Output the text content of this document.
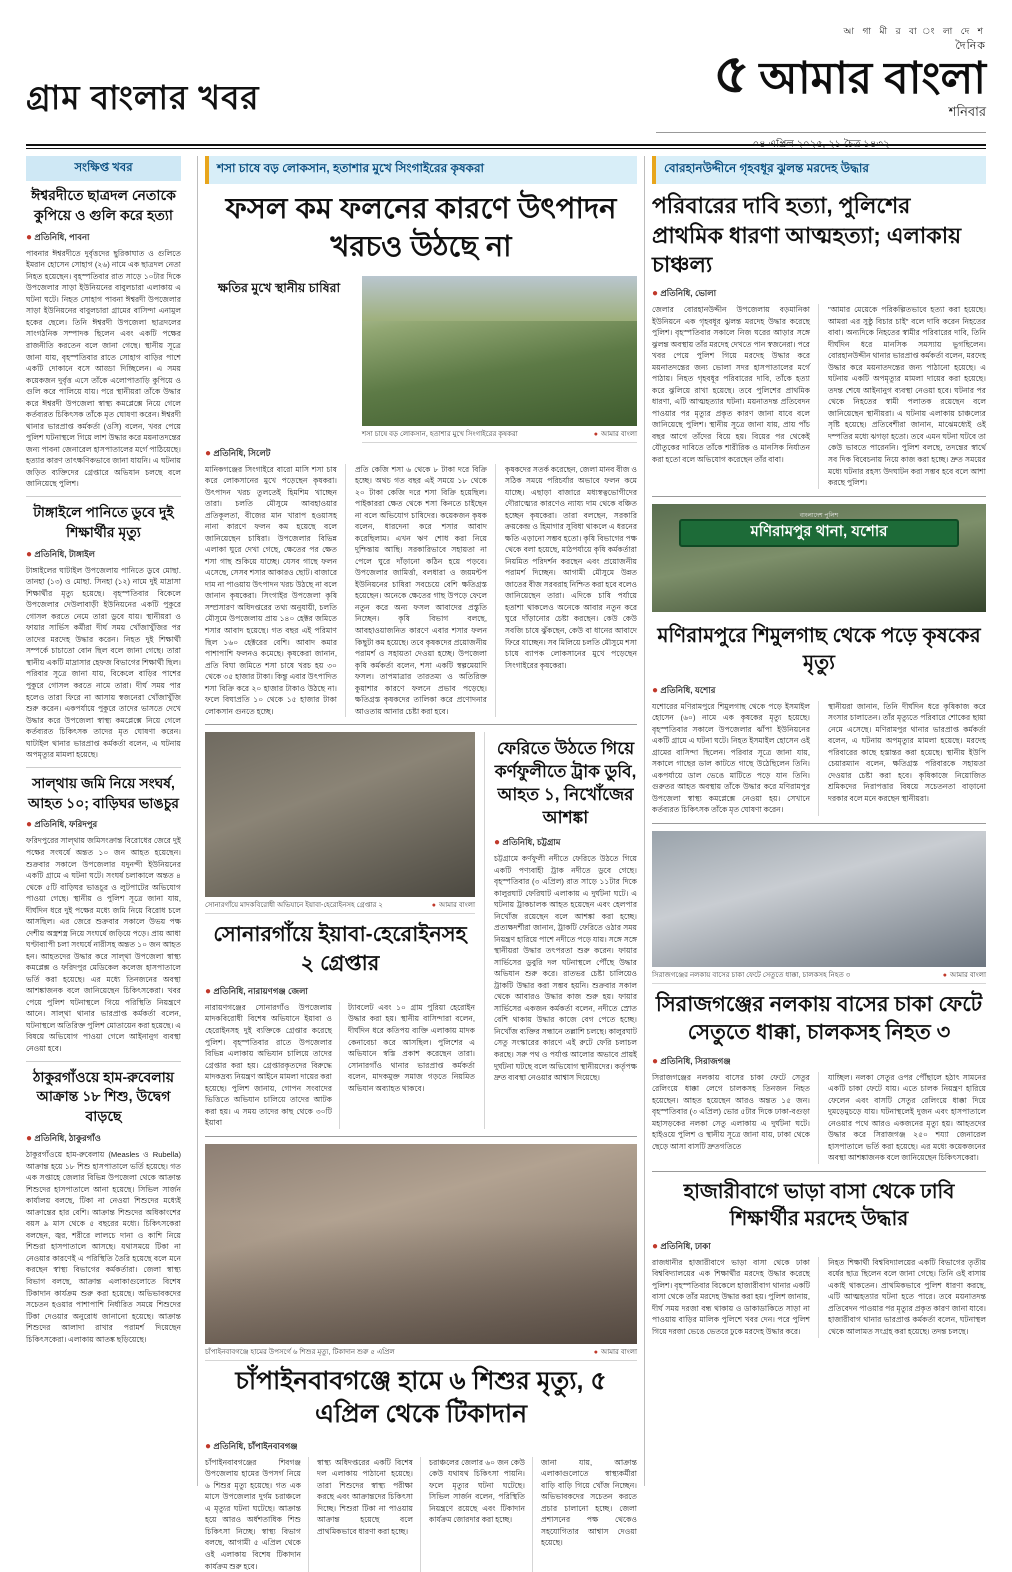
গ্রাম বাংলার খবর	৫
আ গা মী র বা ং লা দে শ
দৈনিক
আমার বাংলা
শনিবার
০৪ এপ্রিল ২০২৫, ২১ চৈত্র ১৪৩২
সংক্ষিপ্ত খবর
ঈশ্বরদীতে ছাত্রদল নেতাকে কুপিয়ে ও গুলি করে হত্যা
● প্রতিনিধি, পাবনা
পাবনার ঈশ্বরদীতে দুর্বৃত্তদের ছুরিকাঘাত ও গুলিতে ইমরান হোসেন সোহাগ (২৬) নামে এক ছাত্রদল নেতা নিহত হয়েছেন। বৃহস্পতিবার রাত সাড়ে ১০টার দিকে উপজেলার সাড়া ইউনিয়নের বাবুলচারা এলাকায় এ ঘটনা ঘটে। নিহত সোহাগ পাবনা ঈশ্বরদী উপজেলার সাড়া ইউনিয়নের বাবুলচারা গ্রামের বাসিন্দা এনামুল হকের ছেলে। তিনি ঈশ্বরদী উপজেলা ছাত্রদলের সাংগঠনিক সম্পাদক ছিলেন এবং একটি পক্ষের রাজনীতি করতেন বলে জানা গেছে। স্থানীয় সূত্রে জানা যায়, বৃহস্পতিবার রাতে সোহাগ বাড়ির পাশে একটি দোকানে বসে আড্ডা দিচ্ছিলেন। এ সময় কয়েকজন দুর্বৃত্ত এসে তাঁকে এলোপাতাড়ি কুপিয়ে ও গুলি করে পালিয়ে যায়। পরে স্থানীয়রা তাঁকে উদ্ধার করে ঈশ্বরদী উপজেলা স্বাস্থ্য কমপ্লেক্সে নিয়ে গেলে কর্তব্যরত চিকিৎসক তাঁকে মৃত ঘোষণা করেন। ঈশ্বরদী থানার ভারপ্রাপ্ত কর্মকর্তা (ওসি) বলেন, খবর পেয়ে পুলিশ ঘটনাস্থলে গিয়ে লাশ উদ্ধার করে ময়নাতদন্তের জন্য পাবনা জেনারেল হাসপাতালের মর্গে পাঠিয়েছে। হত্যার কারণ তাৎক্ষণিকভাবে জানা যায়নি। এ ঘটনায় জড়িত ব্যক্তিদের গ্রেপ্তারে অভিযান চলছে বলে জানিয়েছে পুলিশ।
টাঙ্গাইলে পানিতে ডুবে দুই শিক্ষার্থীর মৃত্যু
● প্রতিনিধি, টাঙ্গাইল
টাঙ্গাইলের ঘাটাইল উপজেলায় পানিতে ডুবে মোছা. তানহা (১৩) ও মোছা. সিনহা (১২) নামে দুই মাদ্রাসা শিক্ষার্থীর মৃত্যু হয়েছে। বৃহস্পতিবার বিকেলে উপজেলার দেউলাবাড়ী ইউনিয়নের একটি পুকুরে গোসল করতে নেমে তারা ডুবে যায়। স্থানীয়রা ও ফায়ার সার্ভিস কর্মীরা দীর্ঘ সময় খোঁজাখুঁজির পর তাদের মরদেহ উদ্ধার করেন। নিহত দুই শিক্ষার্থী সম্পর্কে চাচাতো বোন ছিল বলে জানা গেছে। তারা স্থানীয় একটি মাদ্রাসার হেফজ বিভাগের শিক্ষার্থী ছিল। পরিবার সূত্রে জানা যায়, বিকেলে বাড়ির পাশের পুকুরে গোসল করতে নামে তারা। দীর্ঘ সময় পার হলেও তারা ফিরে না আসায় স্বজনেরা খোঁজাখুঁজি শুরু করেন। একপর্যায়ে পুকুরে তাদের ভাসতে দেখে উদ্ধার করে উপজেলা স্বাস্থ্য কমপ্লেক্সে নিয়ে গেলে কর্তব্যরত চিকিৎসক তাদের মৃত ঘোষণা করেন। ঘাটাইল থানার ভারপ্রাপ্ত কর্মকর্তা বলেন, এ ঘটনায় অপমৃত্যুর মামলা হয়েছে।
সাল্থায় জমি নিয়ে সংঘর্ষ, আহত ১০; বাড়িঘর ভাঙচুর
● প্রতিনিধি, ফরিদপুর
ফরিদপুরের সাল্থায় জমিসংক্রান্ত বিরোধের জেরে দুই পক্ষের সংঘর্ষে অন্তত ১০ জন আহত হয়েছেন। শুক্রবার সকালে উপজেলার যদুনন্দী ইউনিয়নের একটি গ্রামে এ ঘটনা ঘটে। সংঘর্ষ চলাকালে অন্তত ৪ থেকে ৫টি বাড়িঘর ভাঙচুর ও লুটপাটের অভিযোগ পাওয়া গেছে। স্থানীয় ও পুলিশ সূত্রে জানা যায়, দীর্ঘদিন ধরে দুই পক্ষের মধ্যে জমি নিয়ে বিরোধ চলে আসছিল। এর জেরে শুক্রবার সকালে উভয় পক্ষ দেশীয় অস্ত্রশস্ত্র নিয়ে সংঘর্ষে জড়িয়ে পড়ে। প্রায় আধা ঘণ্টাব্যাপী চলা সংঘর্ষে নারীসহ অন্তত ১০ জন আহত হন। আহতদের উদ্ধার করে সাল্থা উপজেলা স্বাস্থ্য কমপ্লেক্স ও ফরিদপুর মেডিকেল কলেজ হাসপাতালে ভর্তি করা হয়েছে। এর মধ্যে তিনজনের অবস্থা আশঙ্কাজনক বলে জানিয়েছেন চিকিৎসকেরা। খবর পেয়ে পুলিশ ঘটনাস্থলে গিয়ে পরিস্থিতি নিয়ন্ত্রণে আনে। সাল্থা থানার ভারপ্রাপ্ত কর্মকর্তা বলেন, ঘটনাস্থলে অতিরিক্ত পুলিশ মোতায়েন করা হয়েছে। এ বিষয়ে অভিযোগ পাওয়া গেলে আইনানুগ ব্যবস্থা নেওয়া হবে।
ঠাকুরগাঁওয়ে হাম-রুবেলায় আক্রান্ত ১৮ শিশু, উদ্বেগ বাড়ছে
● প্রতিনিধি, ঠাকুরগাঁও
ঠাকুরগাঁওয়ে হাম-রুবেলায় (Measles ও Rubella) আক্রান্ত হয়ে ১৮ শিশু হাসপাতালে ভর্তি হয়েছে। গত এক সপ্তাহে জেলার বিভিন্ন উপজেলা থেকে আক্রান্ত শিশুদের হাসপাতালে আনা হয়েছে। সিভিল সার্জন কার্যালয় বলছে, টিকা না নেওয়া শিশুদের মধ্যেই আক্রান্তের হার বেশি। আক্রান্ত শিশুদের অধিকাংশের বয়স ৯ মাস থেকে ৫ বছরের মধ্যে। চিকিৎসকেরা বলছেন, জ্বর, শরীরে লালচে দানা ও কাশি নিয়ে শিশুরা হাসপাতালে আসছে। যথাসময়ে টিকা না নেওয়ার কারণেই এ পরিস্থিতি তৈরি হয়েছে বলে মনে করছেন স্বাস্থ্য বিভাগের কর্মকর্তারা। জেলা স্বাস্থ্য বিভাগ বলছে, আক্রান্ত এলাকাগুলোতে বিশেষ টিকাদান কার্যক্রম শুরু করা হয়েছে। অভিভাবকদের সচেতন হওয়ার পাশাপাশি নির্ধারিত সময়ে শিশুদের টিকা দেওয়ার অনুরোধ জানানো হয়েছে। আক্রান্ত শিশুদের আলাদা রাখার পরামর্শ দিয়েছেন চিকিৎসকেরা। এলাকায় আতঙ্ক ছড়িয়েছে।
শসা চাষে বড় লোকসান, হতাশার মুখে সিংগাইরের কৃষকরা
ফসল কম ফলনের কারণে উৎপাদন খরচও উঠছে না
ক্ষতির মুখে স্থানীয় চাষিরা
শসা চাষে বড় লোকসান, হতাশার মুখে সিংগাইরের কৃষকরা	● আমার বাংলা
● প্রতিনিধি, সিলেট
মানিকগঞ্জের সিংগাইরে বারো মাসি শসা চাষ করে লোকসানের মুখে পড়েছেন কৃষকরা। উৎপাদন খরচ তুলতেই হিমশিম খাচ্ছেন তারা। চলতি মৌসুমে আবহাওয়ার প্রতিকূলতা, বীজের মান খারাপ হওয়াসহ নানা কারণে ফলন কম হয়েছে বলে জানিয়েছেন চাষিরা। উপজেলার বিভিন্ন এলাকা ঘুরে দেখা গেছে, ক্ষেতের পর ক্ষেত শসা গাছ শুকিয়ে যাচ্ছে। যেসব গাছে ফলন এসেছে, সেসব শসার আকারও ছোট। বাজারে দাম না পাওয়ায় উৎপাদন খরচ উঠছে না বলে জানান কৃষকেরা। সিংগাইর উপজেলা কৃষি সম্প্রসারণ অধিদপ্তরের তথ্য অনুযায়ী, চলতি মৌসুমে উপজেলায় প্রায় ১৪০ হেক্টর জমিতে শসার আবাদ হয়েছে। গত বছর এই পরিমাণ ছিল ১৬০ হেক্টরের বেশি। আবাদ কমার পাশাপাশি ফলনও কমেছে। কৃষকেরা জানান, প্রতি বিঘা জমিতে শসা চাষে খরচ হয় ৩০ থেকে ৩৫ হাজার টাকা। কিন্তু এবার উৎপাদিত শসা বিক্রি করে ২০ হাজার টাকাও উঠছে না। ফলে বিঘাপ্রতি ১০ থেকে ১৫ হাজার টাকা লোকসান গুনতে হচ্ছে।
প্রতি কেজি শসা ৬ থেকে ৮ টাকা দরে বিক্রি হচ্ছে। অথচ গত বছর এই সময়ে ১৮ থেকে ২০ টাকা কেজি দরে শসা বিক্রি হয়েছিল। পাইকাররা ক্ষেত থেকে শসা কিনতে চাইছেন না বলে অভিযোগ চাষিদের। কয়েকজন কৃষক বলেন, ধারদেনা করে শসার আবাদ করেছিলাম। এখন ঋণ শোধ করা নিয়ে দুশ্চিন্তায় আছি। সরকারিভাবে সহায়তা না পেলে ঘুরে দাঁড়ানো কঠিন হয়ে পড়বে। উপজেলার জামির্ত্তা, বলধারা ও জয়মন্টপ ইউনিয়নের চাষিরা সবচেয়ে বেশি ক্ষতিগ্রস্ত হয়েছেন। অনেকে ক্ষেতের গাছ উপড়ে ফেলে নতুন করে অন্য ফসল আবাদের প্রস্তুতি নিচ্ছেন। কৃষি বিভাগ বলছে, আবহাওয়াজনিত কারণে এবার শসার ফলন কিছুটা কম হয়েছে। তবে কৃষকদের প্রয়োজনীয় পরামর্শ ও সহায়তা দেওয়া হচ্ছে। উপজেলা কৃষি কর্মকর্তা বলেন, শসা একটি স্বল্পমেয়াদি ফসল। তাপমাত্রার তারতম্য ও অতিরিক্ত কুয়াশার কারণে ফলনে প্রভাব পড়েছে। ক্ষতিগ্রস্ত কৃষকদের তালিকা করে প্রণোদনার আওতায় আনার চেষ্টা করা হবে।
কৃষকদের সতর্ক করেছেন, জেলা মানব বীজ ও সঠিক সময়ে পরিচর্যার অভাবে ফলন কমে যাচ্ছে। এছাড়া বাজারে মধ্যস্বত্বভোগীদের দৌরাত্ম্যের কারণেও ন্যায্য দাম থেকে বঞ্চিত হচ্ছেন কৃষকেরা। তারা বলছেন, সরকারি ক্রয়কেন্দ্র ও হিমাগার সুবিধা থাকলে এ ধরনের ক্ষতি এড়ানো সম্ভব হতো। কৃষি বিভাগের পক্ষ থেকে বলা হয়েছে, মাঠপর্যায়ে কৃষি কর্মকর্তারা নিয়মিত পরিদর্শন করছেন এবং প্রয়োজনীয় পরামর্শ দিচ্ছেন। আগামী মৌসুমে উন্নত জাতের বীজ সরবরাহ নিশ্চিত করা হবে বলেও জানিয়েছেন তারা। এদিকে চাষি পর্যায়ে হতাশা থাকলেও অনেকে আবার নতুন করে ঘুরে দাঁড়ানোর চেষ্টা করছেন। কেউ কেউ সবজি চাষে ঝুঁকছেন, কেউ বা ধানের আবাদে ফিরে যাচ্ছেন। সব মিলিয়ে চলতি মৌসুমে শসা চাষে ব্যাপক লোকসানের মুখে পড়েছেন সিংগাইরের কৃষকেরা।
সোনারগাঁয়ে মাদকবিরোধী অভিযানে ইয়াবা-হেরোইনসহ গ্রেপ্তার ২	● আমার বাংলা
সোনারগাঁয়ে ইয়াবা-হেরোইনসহ ২ গ্রেপ্তার
● প্রতিনিধি, নারায়ণগঞ্জ জেলা
নারায়ণগঞ্জের সোনারগাঁও উপজেলায় মাদকবিরোধী বিশেষ অভিযানে ইয়াবা ও হেরোইনসহ দুই ব্যক্তিকে গ্রেপ্তার করেছে পুলিশ। বৃহস্পতিবার রাতে উপজেলার বিভিন্ন এলাকায় অভিযান চালিয়ে তাদের গ্রেপ্তার করা হয়। গ্রেপ্তারকৃতদের বিরুদ্ধে মাদকদ্রব্য নিয়ন্ত্রণ আইনে মামলা দায়ের করা হয়েছে। পুলিশ জানায়, গোপন সংবাদের ভিত্তিতে অভিযান চালিয়ে তাদের আটক করা হয়। এ সময় তাদের কাছ থেকে ৩০টি ইয়াবা
ট্যাবলেট এবং ১০ গ্রাম পুরিয়া হেরোইন উদ্ধার করা হয়। স্থানীয় বাসিন্দারা বলেন, দীর্ঘদিন ধরে কতিপয় ব্যক্তি এলাকায় মাদক কেনাবেচা করে আসছিল। পুলিশের এ অভিযানে স্বস্তি প্রকাশ করেছেন তারা। সোনারগাঁও থানার ভারপ্রাপ্ত কর্মকর্তা বলেন, মাদকমুক্ত সমাজ গড়তে নিয়মিত অভিযান অব্যাহত থাকবে।
ফেরিতে উঠতে গিয়ে কর্ণফুলীতে ট্রাক ডুবি, আহত ১, নিখোঁজের আশঙ্কা
● প্রতিনিধি, চট্টগ্রাম
চট্টগ্রামে কর্ণফুলী নদীতে ফেরিতে উঠতে গিয়ে একটি পণ্যবাহী ট্রাক নদীতে ডুবে গেছে। বৃহস্পতিবার (৩ এপ্রিল) রাত সাড়ে ১১টার দিকে কালুরঘাট ফেরিঘাট এলাকায় এ দুর্ঘটনা ঘটে। এ ঘটনায় ট্রাকচালক আহত হয়েছেন এবং হেলপার নিখোঁজ রয়েছেন বলে আশঙ্কা করা হচ্ছে। প্রত্যক্ষদর্শীরা জানান, ট্রাকটি ফেরিতে ওঠার সময় নিয়ন্ত্রণ হারিয়ে পাশে নদীতে পড়ে যায়। সঙ্গে সঙ্গে স্থানীয়রা উদ্ধার তৎপরতা শুরু করেন। ফায়ার সার্ভিসের ডুবুরি দল ঘটনাস্থলে পৌঁছে উদ্ধার অভিযান শুরু করে। রাতভর চেষ্টা চালিয়েও ট্রাকটি উদ্ধার করা সম্ভব হয়নি। শুক্রবার সকাল থেকে আবারও উদ্ধার কাজ শুরু হয়। ফায়ার সার্ভিসের একজন কর্মকর্তা বলেন, নদীতে স্রোত বেশি থাকায় উদ্ধার কাজে বেগ পেতে হচ্ছে। নিখোঁজ ব্যক্তির সন্ধানে তল্লাশি চলছে। কালুরঘাট সেতু সংস্কারের কারণে এই রুটে ফেরি চলাচল করছে। সরু পথ ও পর্যাপ্ত আলোর অভাবে প্রায়ই দুর্ঘটনা ঘটছে বলে অভিযোগ স্থানীয়দের। কর্তৃপক্ষ দ্রুত ব্যবস্থা নেওয়ার আশ্বাস দিয়েছে।
চাঁপাইনবাবগঞ্জে হামের উপসর্গে ৬ শিশুর মৃত্যু, টিকাদান শুরু ৫ এপ্রিল	● আমার বাংলা
চাঁপাইনবাবগঞ্জে হামে ৬ শিশুর মৃত্যু, ৫ এপ্রিল থেকে টিকাদান
● প্রতিনিধি, চাঁপাইনবাবগঞ্জ
চাঁপাইনবাবগঞ্জের শিবগঞ্জ উপজেলায় হামের উপসর্গ নিয়ে ৬ শিশুর মৃত্যু হয়েছে। গত এক মাসে উপজেলার দুর্গম চরাঞ্চলে এ মৃত্যুর ঘটনা ঘটেছে। আক্রান্ত হয়ে আরও অর্ধশতাধিক শিশু চিকিৎসা নিচ্ছে। স্বাস্থ্য বিভাগ বলছে, আগামী ৫ এপ্রিল থেকে ওই এলাকায় বিশেষ টিকাদান কার্যক্রম শুরু হবে।
স্বাস্থ্য অধিদপ্তরের একটি বিশেষ দল এলাকায় পাঠানো হয়েছে। তারা শিশুদের স্বাস্থ্য পরীক্ষা করছে এবং আক্রান্তদের চিকিৎসা দিচ্ছে। শিশুরা টিকা না পাওয়ায় আক্রান্ত হয়েছে বলে প্রাথমিকভাবে ধারণা করা হচ্ছে।
চরাঞ্চলের জেলার ৬০ জন কেউ কেউ যথাযথ চিকিৎসা পায়নি। ফলে মৃত্যুর ঘটনা ঘটেছে। সিভিল সার্জন বলেন, পরিস্থিতি নিয়ন্ত্রণে রয়েছে এবং টিকাদান কার্যক্রম জোরদার করা হচ্ছে।
জানা যায়, আক্রান্ত এলাকাগুলোতে স্বাস্থ্যকর্মীরা বাড়ি বাড়ি গিয়ে খোঁজ নিচ্ছেন। অভিভাবকদের সচেতন করতে প্রচার চালানো হচ্ছে। জেলা প্রশাসনের পক্ষ থেকেও সহযোগিতার আশ্বাস দেওয়া হয়েছে।
বোরহানউদ্দীনে গৃহবধূর ঝুলন্ত মরদেহ উদ্ধার
পরিবারের দাবি হত্যা, পুলিশের প্রাথমিক ধারণা আত্মহত্যা; এলাকায় চাঞ্চল্য
● প্রতিনিধি, ভোলা
জেলার বোরহানউদ্দীন উপজেলায় বড়মানিকা ইউনিয়নে এক গৃহবধূর ঝুলন্ত মরদেহ উদ্ধার করেছে পুলিশ। বৃহস্পতিবার সকালে নিজ ঘরের আড়ার সঙ্গে ঝুলন্ত অবস্থায় তাঁর মরদেহ দেখতে পান স্বজনেরা। পরে খবর পেয়ে পুলিশ গিয়ে মরদেহ উদ্ধার করে ময়নাতদন্তের জন্য ভোলা সদর হাসপাতালের মর্গে পাঠায়। নিহত গৃহবধূর পরিবারের দাবি, তাঁকে হত্যা করে ঝুলিয়ে রাখা হয়েছে। তবে পুলিশের প্রাথমিক ধারণা, এটি আত্মহত্যার ঘটনা। ময়নাতদন্ত প্রতিবেদন পাওয়ার পর মৃত্যুর প্রকৃত কারণ জানা যাবে বলে জানিয়েছে পুলিশ। স্থানীয় সূত্রে জানা যায়, প্রায় পাঁচ বছর আগে তাঁদের বিয়ে হয়। বিয়ের পর থেকেই যৌতুকের দাবিতে তাঁকে শারীরিক ও মানসিক নির্যাতন করা হতো বলে অভিযোগ করেছেন তাঁর বাবা।
"আমার মেয়েকে পরিকল্পিতভাবে হত্যা করা হয়েছে। আমরা এর সুষ্ঠু বিচার চাই" বলে দাবি করেন নিহতের বাবা। অন্যদিকে নিহতের স্বামীর পরিবারের দাবি, তিনি দীর্ঘদিন ধরে মানসিক সমস্যায় ভুগছিলেন। বোরহানউদ্দীন থানার ভারপ্রাপ্ত কর্মকর্তা বলেন, মরদেহ উদ্ধার করে ময়নাতদন্তের জন্য পাঠানো হয়েছে। এ ঘটনায় একটি অপমৃত্যুর মামলা দায়ের করা হয়েছে। তদন্ত শেষে আইনানুগ ব্যবস্থা নেওয়া হবে। ঘটনার পর থেকে নিহতের স্বামী পলাতক রয়েছেন বলে জানিয়েছেন স্থানীয়রা। এ ঘটনায় এলাকায় চাঞ্চল্যের সৃষ্টি হয়েছে। প্রতিবেশীরা জানান, মাঝেমধ্যেই ওই দম্পতির মধ্যে ঝগড়া হতো। তবে এমন ঘটনা ঘটবে তা কেউ ভাবতে পারেননি। পুলিশ বলছে, তদন্তের স্বার্থে সব দিক বিবেচনায় নিয়ে কাজ করা হচ্ছে। দ্রুত সময়ের মধ্যে ঘটনার রহস্য উদঘাটন করা সম্ভব হবে বলে আশা করছে পুলিশ।
বাংলাদেশ পুলিশ
মণিরামপুর থানা, যশোর
মণিরামপুরে শিমুলগাছ থেকে পড়ে কৃষকের মৃত্যু
● প্রতিনিধি, যশোর
যশোরের মণিরামপুরে শিমুলগাছ থেকে পড়ে ইসমাইল হোসেন (৬০) নামে এক কৃষকের মৃত্যু হয়েছে। বৃহস্পতিবার সকালে উপজেলার ঝাঁপা ইউনিয়নের একটি গ্রামে এ ঘটনা ঘটে। নিহত ইসমাইল হোসেন ওই গ্রামের বাসিন্দা ছিলেন। পরিবার সূত্রে জানা যায়, সকালে গাছের ডাল কাটতে গাছে উঠেছিলেন তিনি। একপর্যায়ে ডাল ভেঙে মাটিতে পড়ে যান তিনি। গুরুতর আহত অবস্থায় তাঁকে উদ্ধার করে মণিরামপুর উপজেলা স্বাস্থ্য কমপ্লেক্সে নেওয়া হয়। সেখানে কর্তব্যরত চিকিৎসক তাঁকে মৃত ঘোষণা করেন।
স্থানীয়রা জানান, তিনি দীর্ঘদিন ধরে কৃষিকাজ করে সংসার চালাতেন। তাঁর মৃত্যুতে পরিবারে শোকের ছায়া নেমে এসেছে। মণিরামপুর থানার ভারপ্রাপ্ত কর্মকর্তা বলেন, এ ঘটনায় অপমৃত্যুর মামলা হয়েছে। মরদেহ পরিবারের কাছে হস্তান্তর করা হয়েছে। স্থানীয় ইউপি চেয়ারম্যান বলেন, ক্ষতিগ্রস্ত পরিবারকে সহায়তা দেওয়ার চেষ্টা করা হবে। কৃষিকাজে নিয়োজিত শ্রমিকদের নিরাপত্তার বিষয়ে সচেতনতা বাড়ানো দরকার বলে মনে করছেন স্থানীয়রা।
সিরাজগঞ্জের নলকায় বাসের চাকা ফেটে সেতুতে ধাক্কা, চালকসহ নিহত ৩	● আমার বাংলা
সিরাজগঞ্জের নলকায় বাসের চাকা ফেটে সেতুতে ধাক্কা, চালকসহ নিহত ৩
● প্রতিনিধি, সিরাজগঞ্জ
সিরাজগঞ্জের নলকায় বাসের চাকা ফেটে সেতুর রেলিংয়ে ধাক্কা লেগে চালকসহ তিনজন নিহত হয়েছেন। আহত হয়েছেন আরও অন্তত ১৫ জন। বৃহস্পতিবার (৩ এপ্রিল) ভোর ৫টার দিকে ঢাকা-বগুড়া মহাসড়কের নলকা সেতু এলাকায় এ দুর্ঘটনা ঘটে। হাইওয়ে পুলিশ ও স্থানীয় সূত্রে জানা যায়, ঢাকা থেকে ছেড়ে আসা বাসটি দ্রুতগতিতে
যাচ্ছিল। নলকা সেতুর ওপর পৌঁছালে হঠাৎ সামনের একটি চাকা ফেটে যায়। এতে চালক নিয়ন্ত্রণ হারিয়ে ফেলেন এবং বাসটি সেতুর রেলিংয়ে ধাক্কা দিয়ে দুমড়েমুচড়ে যায়। ঘটনাস্থলেই দুজন এবং হাসপাতালে নেওয়ার পথে আরও একজনের মৃত্যু হয়। আহতদের উদ্ধার করে সিরাজগঞ্জ ২৫০ শয্যা জেনারেল হাসপাতালে ভর্তি করা হয়েছে। এর মধ্যে কয়েকজনের অবস্থা আশঙ্কাজনক বলে জানিয়েছেন চিকিৎসকেরা।
হাজারীবাগে ভাড়া বাসা থেকে ঢাবি শিক্ষার্থীর মরদেহ উদ্ধার
● প্রতিনিধি, ঢাকা
রাজধানীর হাজারীবাগে ভাড়া বাসা থেকে ঢাকা বিশ্ববিদ্যালয়ের এক শিক্ষার্থীর মরদেহ উদ্ধার করেছে পুলিশ। বৃহস্পতিবার বিকেলে হাজারীবাগ থানার একটি বাসা থেকে তাঁর মরদেহ উদ্ধার করা হয়। পুলিশ জানায়, দীর্ঘ সময় দরজা বন্ধ থাকায় ও ডাকাডাকিতে সাড়া না পাওয়ায় বাড়ির মালিক পুলিশে খবর দেন। পরে পুলিশ গিয়ে দরজা ভেঙে ভেতরে ঢুকে মরদেহ উদ্ধার করে।
নিহত শিক্ষার্থী বিশ্ববিদ্যালয়ের একটি বিভাগের তৃতীয় বর্ষের ছাত্র ছিলেন বলে জানা গেছে। তিনি ওই বাসায় একাই থাকতেন। প্রাথমিকভাবে পুলিশ ধারণা করছে, এটি আত্মহত্যার ঘটনা হতে পারে। তবে ময়নাতদন্ত প্রতিবেদন পাওয়ার পর মৃত্যুর প্রকৃত কারণ জানা যাবে। হাজারীবাগ থানার ভারপ্রাপ্ত কর্মকর্তা বলেন, ঘটনাস্থল থেকে আলামত সংগ্রহ করা হয়েছে। তদন্ত চলছে।
